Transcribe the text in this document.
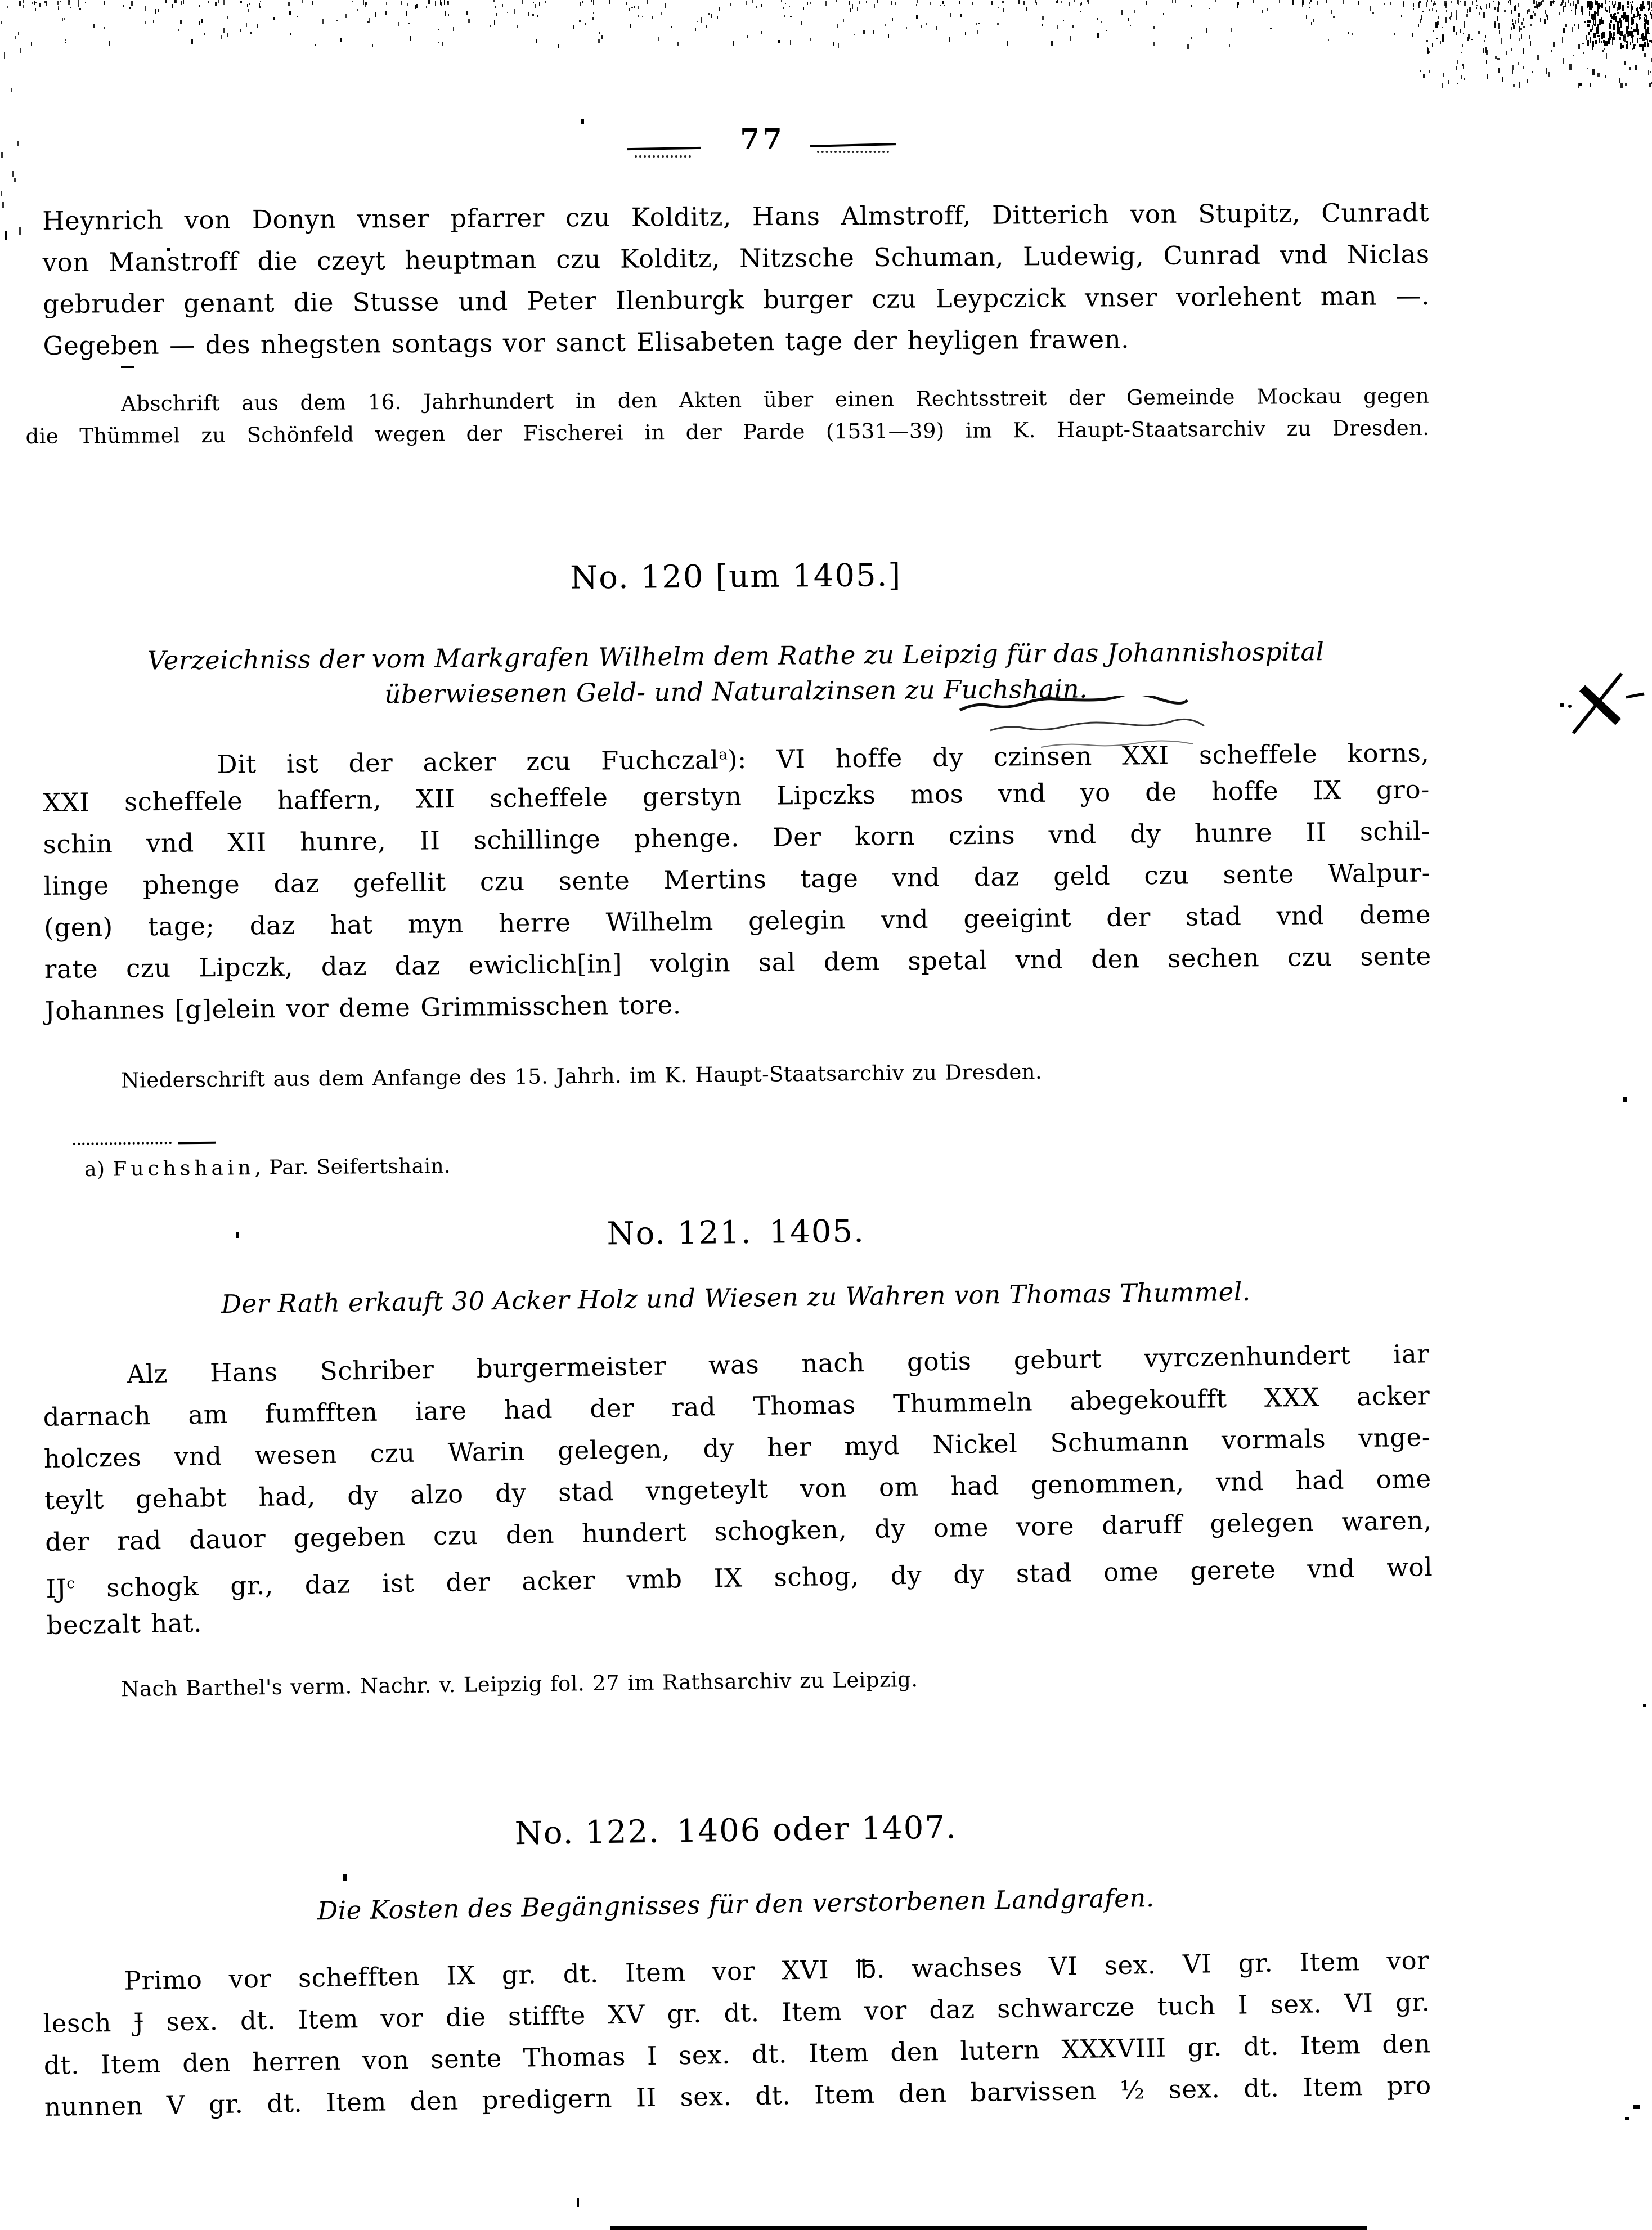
77
Heynrich von Donyn vnser pfarrer czu Kolditz, Hans Almstroff, Ditterich von Stupitz, Cunradt
von Manstroff die czeyt heuptman czu Kolditz, Nitzsche Schuman, Ludewig, Cunrad vnd Niclas
gebruder genant die Stusse und Peter Ilenburgk burger czu Leypczick vnser vorlehent man —.
Gegeben — des nhegsten sontags vor sanct Elisabeten tage der heyligen frawen.
Abschrift aus dem 16. Jahrhundert in den Akten über einen Rechtsstreit der Gemeinde Mockau gegen
die Thümmel zu Schönfeld wegen der Fischerei in der Parde (1531—39) im K. Haupt-Staatsarchiv zu Dresden.
No. 120 [um 1405.]
Verzeichniss der vom Markgrafen Wilhelm dem Rathe zu Leipzig für das Johannishospital
überwiesenen Geld- und Naturalzinsen zu Fuchshain.
Dit ist der acker zcu Fuchczal$^a$): VI hoffe dy czinsen XXI scheffele korns,
XXI scheffele haffern, XII scheffele gerstyn Lipczks mos vnd yo de hoffe IX gro-
schin vnd XII hunre, II schillinge phenge. Der korn czins vnd dy hunre II schil-
linge phenge daz gefellit czu sente Mertins tage vnd daz geld czu sente Walpur-
(gen) tage; daz hat myn herre Wilhelm gelegin vnd geeigint der stad vnd deme
rate czu Lipczk, daz daz ewiclich[in] volgin sal dem spetal vnd den sechen czu sente
Johannes [g]elein vor deme Grimmisschen tore.
Niederschrift aus dem Anfange des 15. Jahrh. im K. Haupt-Staatsarchiv zu Dresden.
a) Fuchshain, Par. Seifertshain.
No. 121. 1405.
Der Rath erkauft 30 Acker Holz und Wiesen zu Wahren von Thomas Thummel.
Alz Hans Schriber burgermeister was nach gotis geburt vyrczenhundert iar
darnach am fumfften iare had der rad Thomas Thummeln abegekoufft XXX acker
holczes vnd wesen czu Warin gelegen, dy her myd Nickel Schumann vormals vnge-
teylt gehabt had, dy alzo dy stad vngeteylt von om had genommen, vnd had ome
der rad dauor gegeben czu den hundert schogken, dy ome vore daruff gelegen waren,
$IJ^c$ schogk gr., daz ist der acker vmb IX schog, dy dy stad ome gerete vnd wol
beczalt hat.
Nach Barthel's verm. Nachr. v. Leipzig fol. 27 im Rathsarchiv zu Leipzig.
No. 122. 1406 oder 1407.
Die Kosten des Begängnisses für den verstorbenen Landgrafen.
Primo vor schefften IX gr. dt. Item vor XVI ℔. wachses VI sex. VI gr. Item vor
lesch Ɉ sex. dt. Item vor die stiffte XV gr. dt. Item vor daz schwarcze tuch I sex. VI gr.
dt. Item den herren von sente Thomas I sex. dt. Item den lutern XXXVIII gr. dt. Item den
nunnen V gr. dt. Item den predigern II sex. dt. Item den barvissen ½ sex. dt. Item pro
